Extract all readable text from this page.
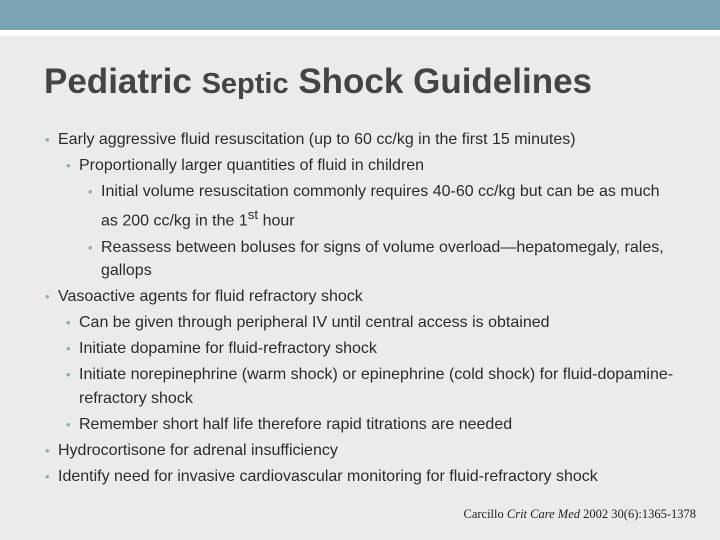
Pediatric Septic Shock Guidelines
• Early aggressive fluid resuscitation (up to 60 cc/kg in the first 15 minutes)
• Proportionally larger quantities of fluid in children
• Initial volume resuscitation commonly requires 40-60 cc/kg but can be as much as 200 cc/kg in the 1st hour
• Reassess between boluses for signs of volume overload—hepatomegaly, rales, gallops
• Vasoactive agents for fluid refractory shock
• Can be given through peripheral IV until central access is obtained
• Initiate dopamine for fluid-refractory shock
• Initiate norepinephrine (warm shock) or epinephrine (cold shock) for fluid-dopamine-refractory shock
• Remember short half life therefore rapid titrations are needed
• Hydrocortisone for adrenal insufficiency
• Identify need for invasive cardiovascular monitoring for fluid-refractory shock
Carcillo Crit Care Med 2002 30(6):1365-1378
